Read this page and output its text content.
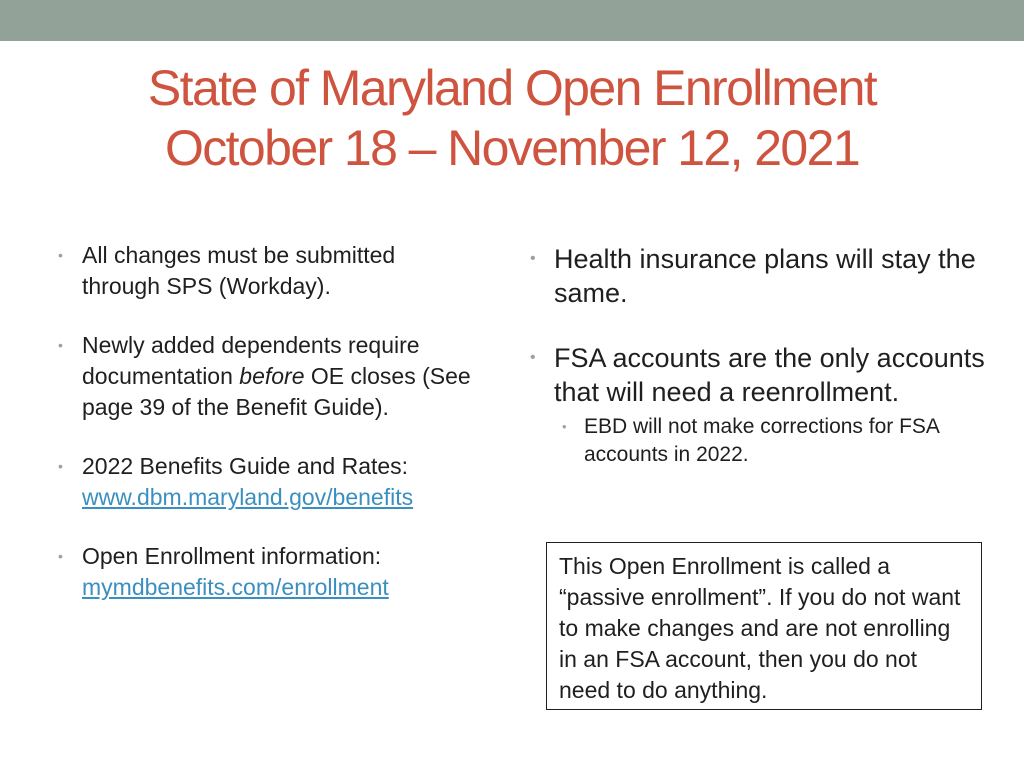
State of Maryland Open Enrollment
October 18 – November 12, 2021
• All changes must be submitted through SPS (Workday).
• Newly added dependents require documentation before OE closes (See page 39 of the Benefit Guide).
• 2022 Benefits Guide and Rates:
www.dbm.maryland.gov/benefits
• Open Enrollment information:
mymdbenefits.com/enrollment
• Health insurance plans will stay the same.
• FSA accounts are the only accounts that will need a reenrollment.
• EBD will not make corrections for FSA accounts in 2022.
This Open Enrollment is called a “passive enrollment”. If you do not want to make changes and are not enrolling in an FSA account, then you do not need to do anything.
